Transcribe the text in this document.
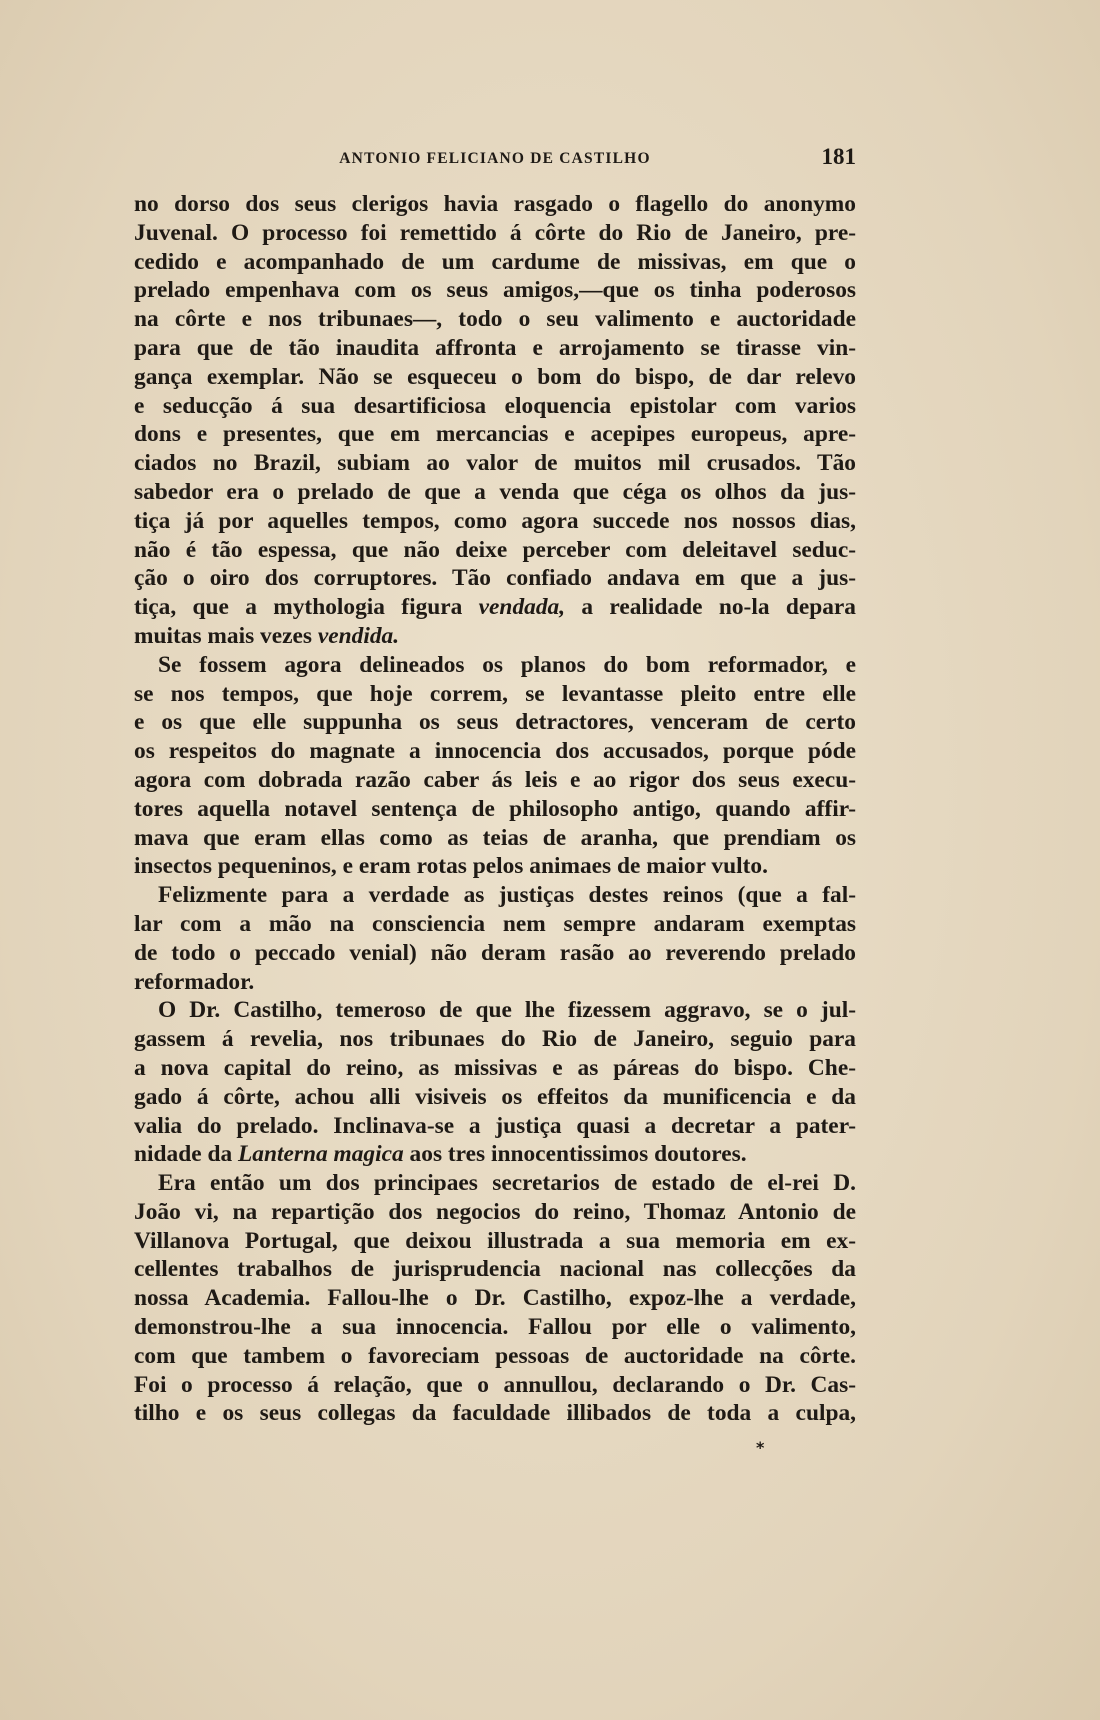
ANTONIO FELICIANO DE CASTILHO	181
no dorso dos seus clerigos havia rasgado o flagello do anonymo
Juvenal. O processo foi remettido á côrte do Rio de Janeiro, pre-
cedido e acompanhado de um cardume de missivas, em que o
prelado empenhava com os seus amigos,—que os tinha poderosos
na côrte e nos tribunaes—, todo o seu valimento e auctoridade
para que de tão inaudita affronta e arrojamento se tirasse vin-
gança exemplar. Não se esqueceu o bom do bispo, de dar relevo
e seducção á sua desartificiosa eloquencia epistolar com varios
dons e presentes, que em mercancias e acepipes europeus, apre-
ciados no Brazil, subiam ao valor de muitos mil crusados. Tão
sabedor era o prelado de que a venda que céga os olhos da jus-
tiça já por aquelles tempos, como agora succede nos nossos dias,
não é tão espessa, que não deixe perceber com deleitavel seduc-
ção o oiro dos corruptores. Tão confiado andava em que a jus-
tiça, que a mythologia figura vendada, a realidade no-la depara
muitas mais vezes vendida.
Se fossem agora delineados os planos do bom reformador, e
se nos tempos, que hoje correm, se levantasse pleito entre elle
e os que elle suppunha os seus detractores, venceram de certo
os respeitos do magnate a innocencia dos accusados, porque póde
agora com dobrada razão caber ás leis e ao rigor dos seus execu-
tores aquella notavel sentença de philosopho antigo, quando affir-
mava que eram ellas como as teias de aranha, que prendiam os
insectos pequeninos, e eram rotas pelos animaes de maior vulto.
Felizmente para a verdade as justiças destes reinos (que a fal-
lar com a mão na consciencia nem sempre andaram exemptas
de todo o peccado venial) não deram rasão ao reverendo prelado
reformador.
O Dr. Castilho, temeroso de que lhe fizessem aggravo, se o jul-
gassem á revelia, nos tribunaes do Rio de Janeiro, seguio para
a nova capital do reino, as missivas e as páreas do bispo. Che-
gado á côrte, achou alli visiveis os effeitos da munificencia e da
valia do prelado. Inclinava-se a justiça quasi a decretar a pater-
nidade da Lanterna magica aos tres innocentissimos doutores.
Era então um dos principaes secretarios de estado de el-rei D.
João vi, na repartição dos negocios do reino, Thomaz Antonio de
Villanova Portugal, que deixou illustrada a sua memoria em ex-
cellentes trabalhos de jurisprudencia nacional nas collecções da
nossa Academia. Fallou-lhe o Dr. Castilho, expoz-lhe a verdade,
demonstrou-lhe a sua innocencia. Fallou por elle o valimento,
com que tambem o favoreciam pessoas de auctoridade na côrte.
Foi o processo á relação, que o annullou, declarando o Dr. Cas-
tilho e os seus collegas da faculdade illibados de toda a culpa,
*
